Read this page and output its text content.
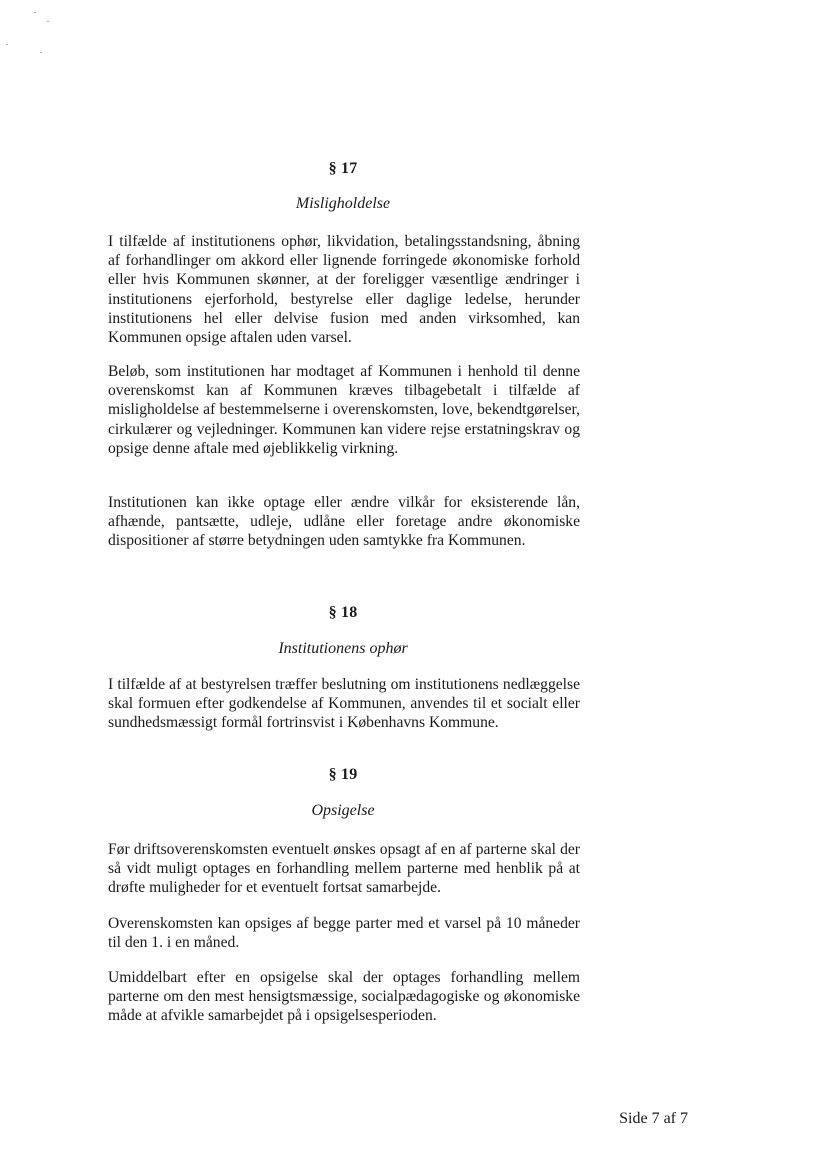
§ 17
Misligholdelse

I tilfælde af institutionens ophør, likvidation, betalingsstandsning, åbning af forhandlinger om akkord eller lignende forringede økonomiske forhold eller hvis Kommunen skønner, at der foreligger væsentlige ændringer i institutionens ejerforhold, bestyrelse eller daglige ledelse, herunder institutionens hel eller delvise fusion med anden virksomhed, kan Kommunen opsige aftalen uden varsel.

Beløb, som institutionen har modtaget af Kommunen i henhold til denne overenskomst kan af Kommunen kræves tilbagebetalt i tilfælde af misligholdelse af bestemmelserne i overenskomsten, love, bekendtgørelser, cirkulærer og vejledninger. Kommunen kan videre rejse erstatningskrav og opsige denne aftale med øjeblikkelig virkning.

Institutionen kan ikke optage eller ændre vilkår for eksisterende lån, afhænde, pantsætte, udleje, udlåne eller foretage andre økonomiske dispositioner af større betydningen uden samtykke fra Kommunen.

§ 18
Institutionens ophør

I tilfælde af at bestyrelsen træffer beslutning om institutionens nedlæggelse skal formuen efter godkendelse af Kommunen, anvendes til et socialt eller sundhedsmæssigt formål fortrinsvist i Københavns Kommune.

§ 19
Opsigelse

Før driftsoverenskomsten eventuelt ønskes opsagt af en af parterne skal der så vidt muligt optages en forhandling mellem parterne med henblik på at drøfte muligheder for et eventuelt fortsat samarbejde.

Overenskomsten kan opsiges af begge parter med et varsel på 10 måneder til den 1. i en måned.

Umiddelbart efter en opsigelse skal der optages forhandling mellem parterne om den mest hensigtsmæssige, socialpædagogiske og økonomiske måde at afvikle samarbejdet på i opsigelsesperioden.

Side 7 af 7
